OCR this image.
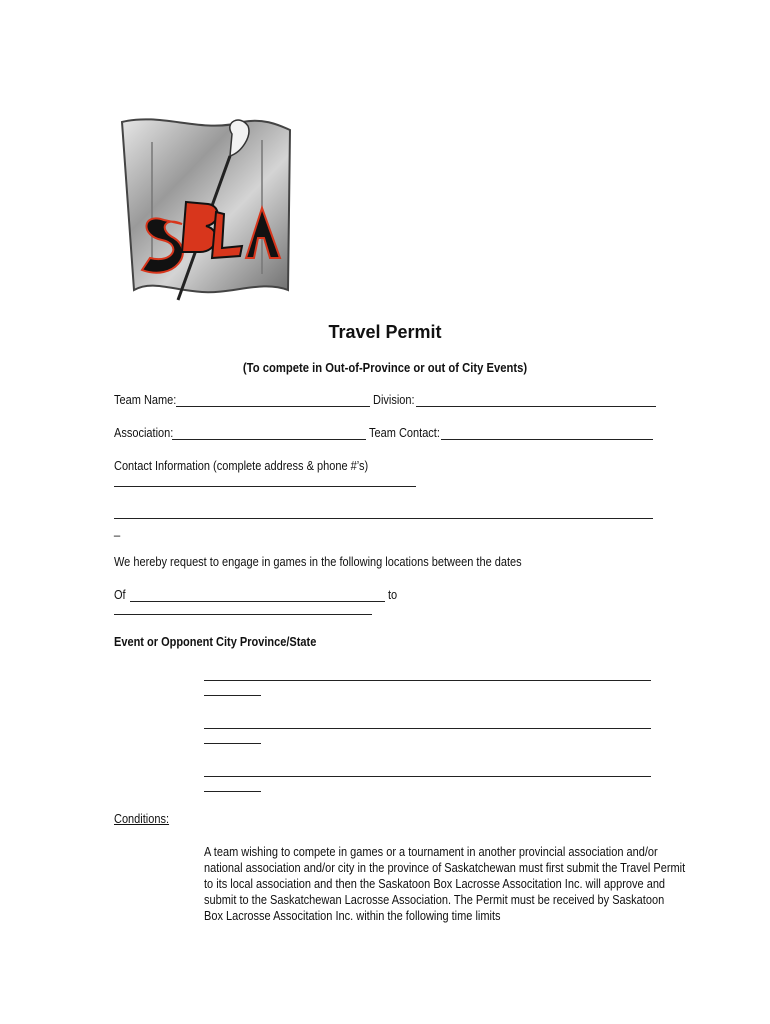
Travel Permit
(To compete in Out-of-Province or out of City Events)
Team Name:	Division:
Association:	Team Contact:
Contact Information (complete address & phone #’s)
_
We hereby request to engage in games in the following locations between the dates
Of	to
Event or Opponent City Province/State
Conditions:
A team wishing to compete in games or a tournament in another provincial association and/or
national association and/or city in the province of Saskatchewan must first submit the Travel Permit
to its local association and then the Saskatoon Box Lacrosse Associtation Inc. will approve and
submit to the Saskatchewan Lacrosse Association. The Permit must be received by Saskatoon
Box Lacrosse Associtation Inc. within the following time limits
